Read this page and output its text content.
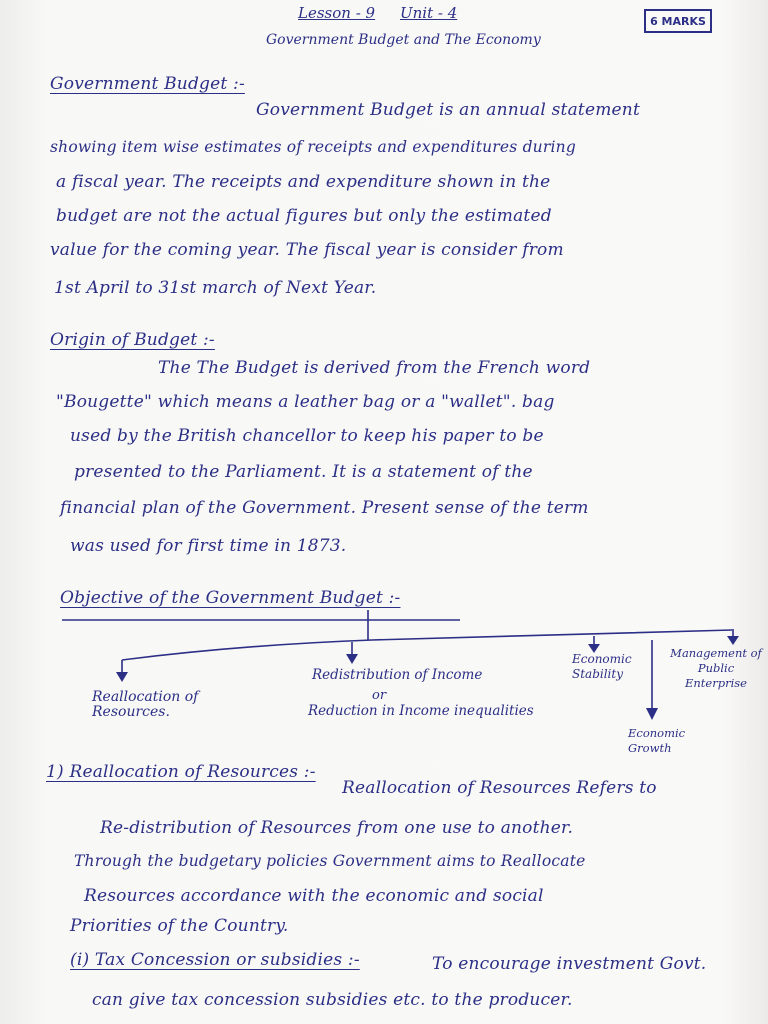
Lesson - 9 Unit - 4	6 MARKS
Government Budget and The Economy
Government Budget :-
Government Budget is an annual statement
showing item wise estimates of receipts and expenditures during
a fiscal year. The receipts and expenditure shown in the
budget are not the actual figures but only the estimated
value for the coming year. The fiscal year is consider from
1st April to 31st march of Next Year.
Origin of Budget :-
The The Budget is derived from the French word
"Bougette" which means a leather bag or a "wallet". bag
used by the British chancellor to keep his paper to be
presented to the Parliament. It is a statement of the
financial plan of the Government. Present sense of the term
was used for first time in 1873.
Objective of the Government Budget :-
Reallocation of Resources.
Redistribution of Income
or
Reduction in Income inequalities
Economic Stability
Management of Public Enterprise
Economic Growth
1) Reallocation of Resources :-
Reallocation of Resources Refers to
Re-distribution of Resources from one use to another.
Through the budgetary policies Government aims to Reallocate
Resources accordance with the economic and social
Priorities of the Country.
(i) Tax Concession or subsidies :-	To encourage investment Govt.
can give tax concession subsidies etc. to the producer.
